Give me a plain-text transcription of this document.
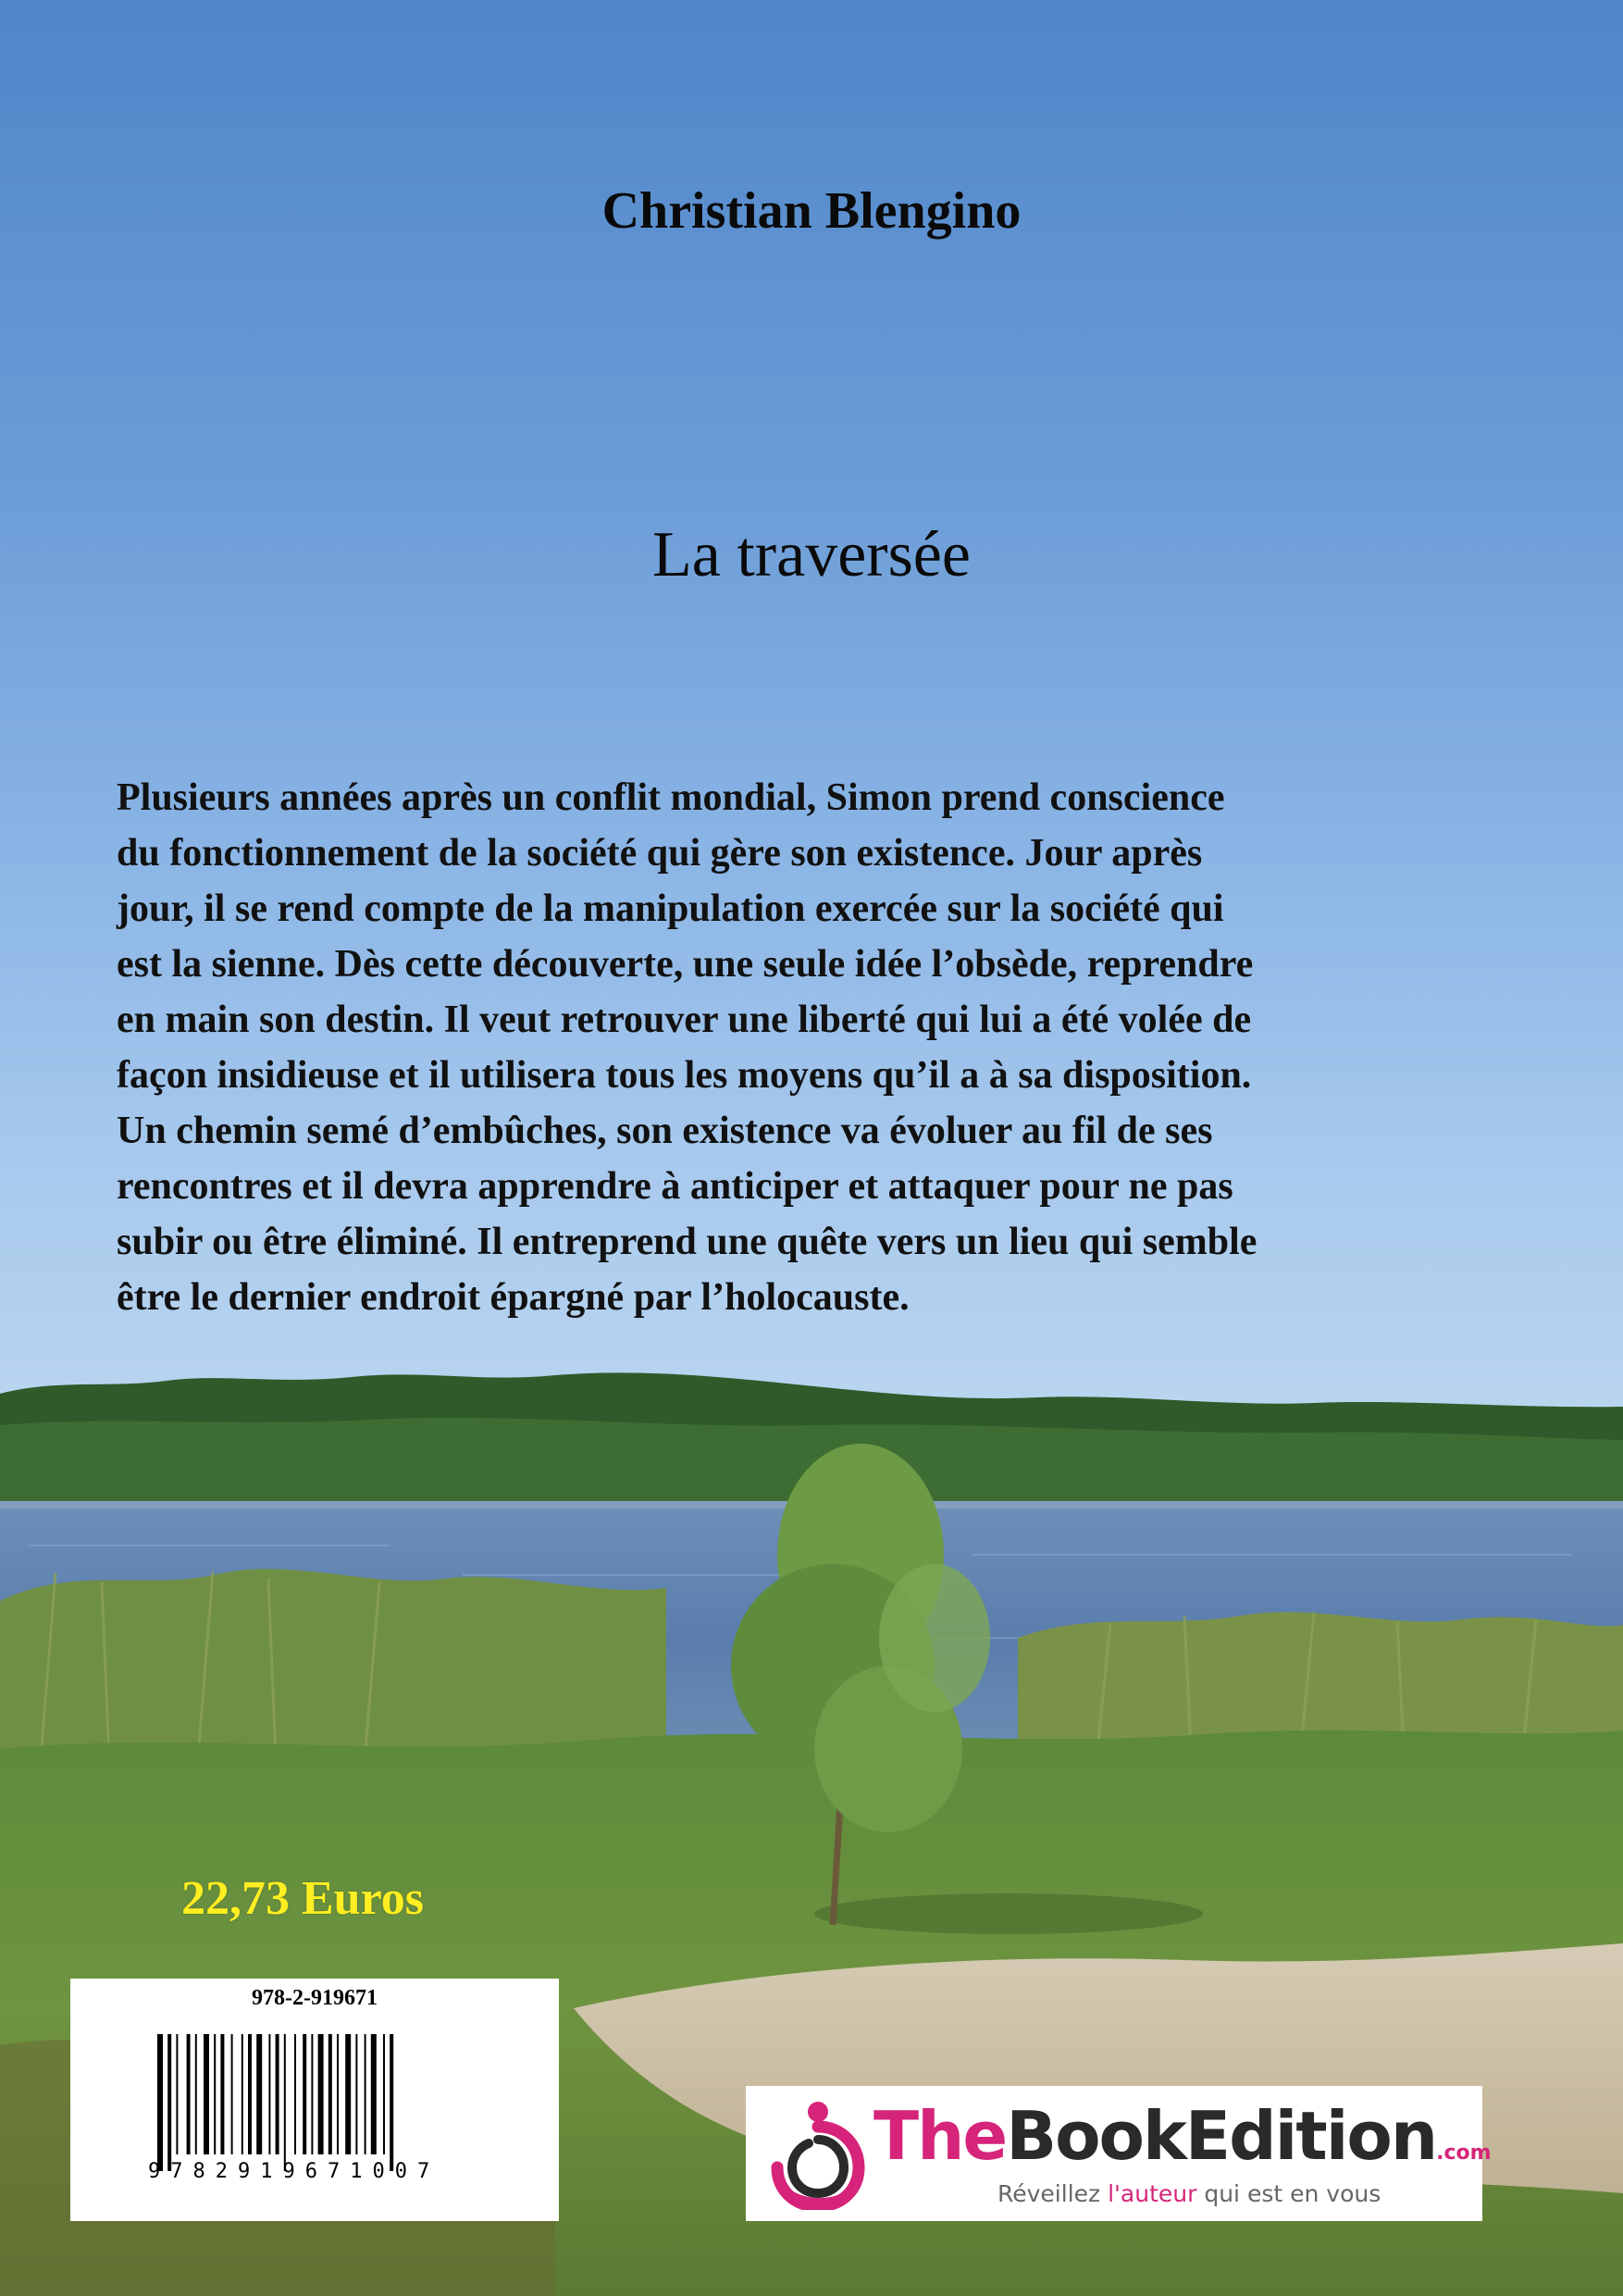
Christian Blengino
La traversée
Plusieurs années après un conflit mondial, Simon prend conscience
du fonctionnement de la société qui gère son existence. Jour après
jour, il se rend compte de la manipulation exercée sur la société qui
est la sienne. Dès cette découverte, une seule idée l’obsède, reprendre
en main son destin. Il veut retrouver une liberté qui lui a été volée de
façon insidieuse et il utilisera tous les moyens qu’il a à sa disposition.
Un chemin semé d’embûches, son existence va évoluer au fil de ses
rencontres et il devra apprendre à anticiper et attaquer pour ne pas
subir ou être éliminé. Il entreprend une quête vers un lieu qui semble
être le dernier endroit épargné par l’holocauste.
22,73 Euros
978-2-919671
9782919671007	TheBookEdition.com
Réveillez l'auteur qui est en vous
